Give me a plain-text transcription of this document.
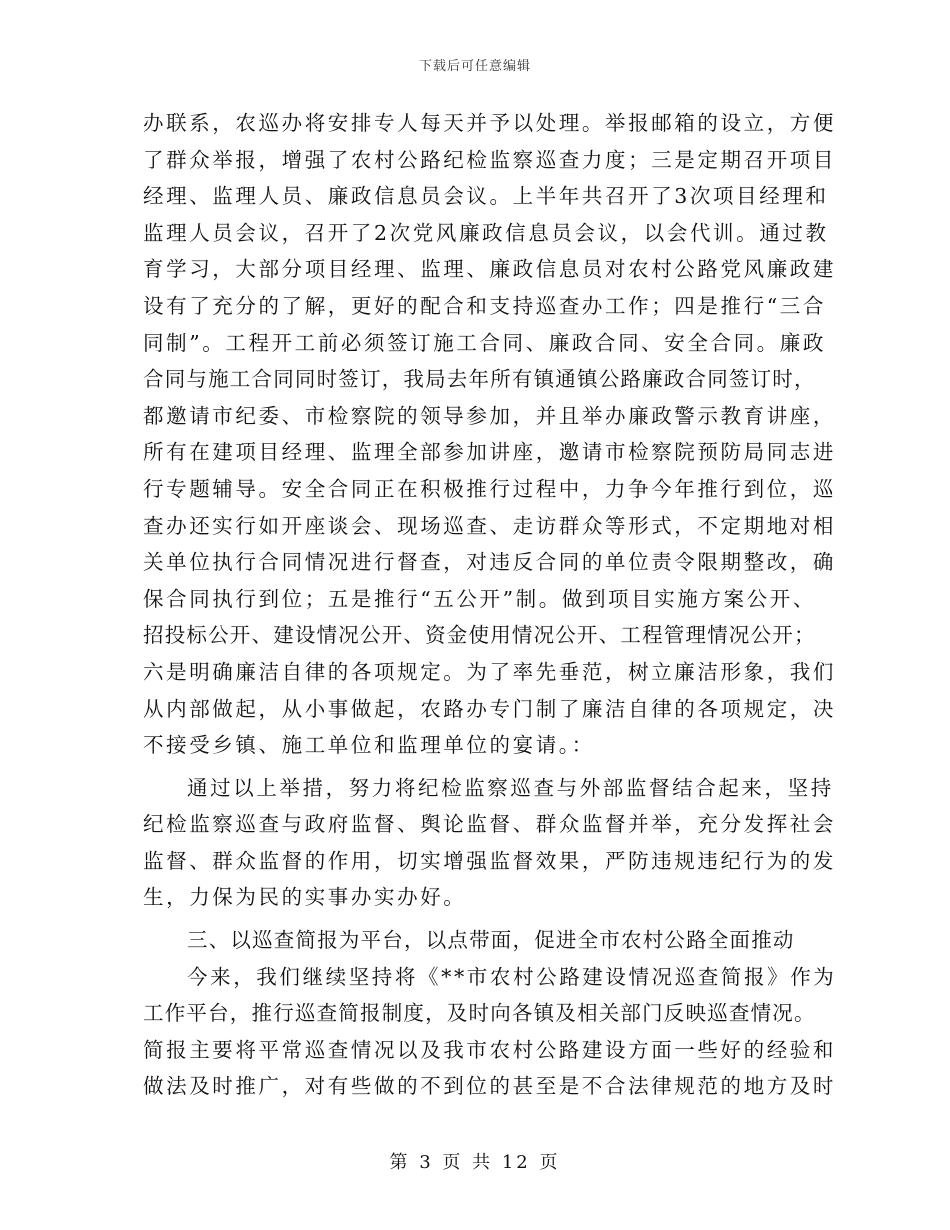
下载后可任意编辑
办联系，农巡办将安排专人每天并予以处理。举报邮箱的设立，方便
了群众举报，增强了农村公路纪检监察巡查力度；三是定期召开项目
经理、监理人员、廉政信息员会议。上半年共召开了3次项目经理和
监理人员会议，召开了2次党风廉政信息员会议，以会代训。通过教
育学习，大部分项目经理、监理、廉政信息员对农村公路党风廉政建
设有了充分的了解，更好的配合和支持巡查办工作；四是推行“三合
同制”。工程开工前必须签订施工合同、廉政合同、安全合同。廉政
合同与施工合同同时签订，我局去年所有镇通镇公路廉政合同签订时，
都邀请市纪委、市检察院的领导参加，并且举办廉政警示教育讲座，
所有在建项目经理、监理全部参加讲座，邀请市检察院预防局同志进
行专题辅导。安全合同正在积极推行过程中，力争今年推行到位，巡
查办还实行如开座谈会、现场巡查、走访群众等形式，不定期地对相
关单位执行合同情况进行督查，对违反合同的单位责令限期整改，确
保合同执行到位；五是推行“五公开”制。做到项目实施方案公开、
招投标公开、建设情况公开、资金使用情况公开、工程管理情况公开；
六是明确廉洁自律的各项规定。为了率先垂范，树立廉洁形象，我们
从内部做起，从小事做起，农路办专门制了廉洁自律的各项规定，决
不接受乡镇、施工单位和监理单位的宴请。：
通过以上举措，努力将纪检监察巡查与外部监督结合起来，坚持
纪检监察巡查与政府监督、舆论监督、群众监督并举，充分发挥社会
监督、群众监督的作用，切实增强监督效果，严防违规违纪行为的发
生，力保为民的实事办实办好。
三、以巡查简报为平台，以点带面，促进全市农村公路全面推动
今来，我们继续坚持将《**市农村公路建设情况巡查简报》作为
工作平台，推行巡查简报制度，及时向各镇及相关部门反映巡查情况。
简报主要将平常巡查情况以及我市农村公路建设方面一些好的经验和
做法及时推广，对有些做的不到位的甚至是不合法律规范的地方及时
第 3 页 共 12 页
